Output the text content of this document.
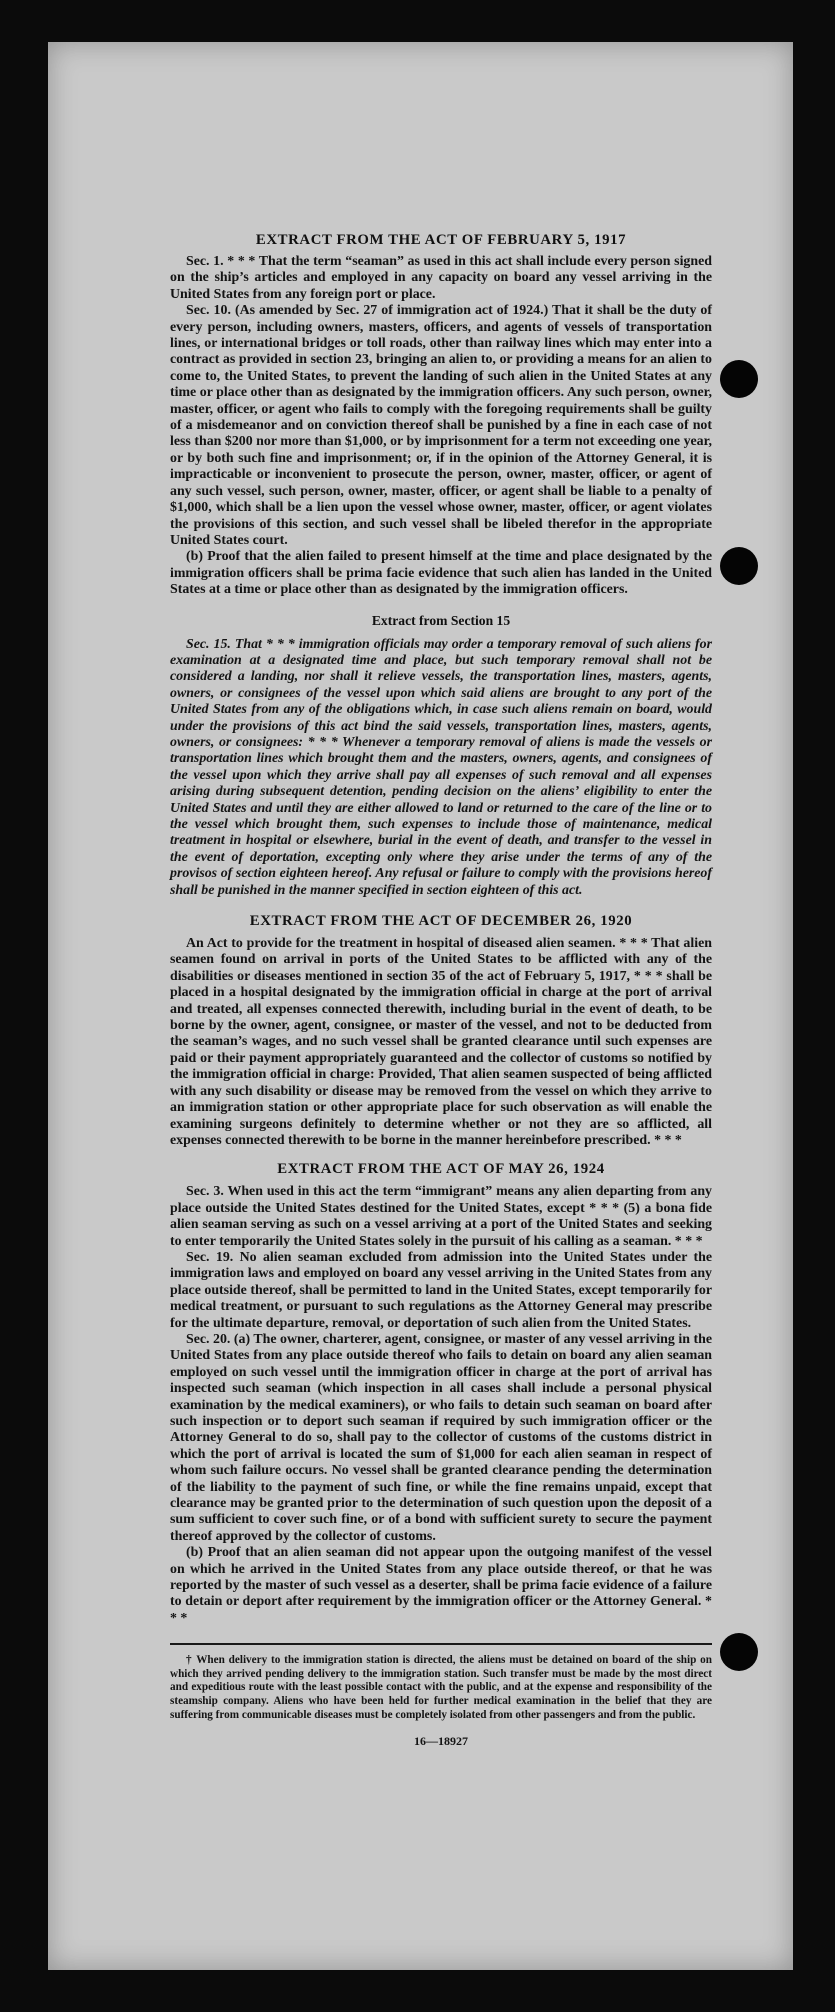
EXTRACT FROM THE ACT OF FEBRUARY 5, 1917

Sec. 1. * * * That the term “seaman” as used in this act shall include every person signed on the ship’s articles and employed in any capacity on board any vessel arriving in the United States from any foreign port or place.

Sec. 10. (As amended by Sec. 27 of immigration act of 1924.) That it shall be the duty of every person, including owners, masters, officers, and agents of vessels of transportation lines, or international bridges or toll roads, other than railway lines which may enter into a contract as provided in section 23, bringing an alien to, or providing a means for an alien to come to, the United States, to prevent the landing of such alien in the United States at any time or place other than as designated by the immigration officers. Any such person, owner, master, officer, or agent who fails to comply with the foregoing requirements shall be guilty of a misdemeanor and on conviction thereof shall be punished by a fine in each case of not less than $200 nor more than $1,000, or by imprisonment for a term not exceeding one year, or by both such fine and imprisonment; or, if in the opinion of the Attorney General, it is impracticable or inconvenient to prosecute the person, owner, master, officer, or agent of any such vessel, such person, owner, master, officer, or agent shall be liable to a penalty of $1,000, which shall be a lien upon the vessel whose owner, master, officer, or agent violates the provisions of this section, and such vessel shall be libeled therefor in the appropriate United States court.

(b) Proof that the alien failed to present himself at the time and place designated by the immigration officers shall be prima facie evidence that such alien has landed in the United States at a time or place other than as designated by the immigration officers.

Extract from Section 15

Sec. 15. That * * * immigration officials may order a temporary removal of such aliens for examination at a designated time and place, but such temporary removal shall not be considered a landing, nor shall it relieve vessels, the transportation lines, masters, agents, owners, or consignees of the vessel upon which said aliens are brought to any port of the United States from any of the obligations which, in case such aliens remain on board, would under the provisions of this act bind the said vessels, transportation lines, masters, agents, owners, or consignees: * * * Whenever a temporary removal of aliens is made the vessels or transportation lines which brought them and the masters, owners, agents, and consignees of the vessel upon which they arrive shall pay all expenses of such removal and all expenses arising during subsequent detention, pending decision on the aliens’ eligibility to enter the United States and until they are either allowed to land or returned to the care of the line or to the vessel which brought them, such expenses to include those of maintenance, medical treatment in hospital or elsewhere, burial in the event of death, and transfer to the vessel in the event of deportation, excepting only where they arise under the terms of any of the provisos of section eighteen hereof. Any refusal or failure to comply with the provisions hereof shall be punished in the manner specified in section eighteen of this act.

EXTRACT FROM THE ACT OF DECEMBER 26, 1920

An Act to provide for the treatment in hospital of diseased alien seamen. * * * That alien seamen found on arrival in ports of the United States to be afflicted with any of the disabilities or diseases mentioned in section 35 of the act of February 5, 1917, * * * shall be placed in a hospital designated by the immigration official in charge at the port of arrival and treated, all expenses connected therewith, including burial in the event of death, to be borne by the owner, agent, consignee, or master of the vessel, and not to be deducted from the seaman’s wages, and no such vessel shall be granted clearance until such expenses are paid or their payment appropriately guaranteed and the collector of customs so notified by the immigration official in charge: Provided, That alien seamen suspected of being afflicted with any such disability or disease may be removed from the vessel on which they arrive to an immigration station or other appropriate place for such observation as will enable the examining surgeons definitely to determine whether or not they are so afflicted, all expenses connected therewith to be borne in the manner hereinbefore prescribed. * * *

EXTRACT FROM THE ACT OF MAY 26, 1924

Sec. 3. When used in this act the term “immigrant” means any alien departing from any place outside the United States destined for the United States, except * * * (5) a bona fide alien seaman serving as such on a vessel arriving at a port of the United States and seeking to enter temporarily the United States solely in the pursuit of his calling as a seaman. * * *

Sec. 19. No alien seaman excluded from admission into the United States under the immigration laws and employed on board any vessel arriving in the United States from any place outside thereof, shall be permitted to land in the United States, except temporarily for medical treatment, or pursuant to such regulations as the Attorney General may prescribe for the ultimate departure, removal, or deportation of such alien from the United States.

Sec. 20. (a) The owner, charterer, agent, consignee, or master of any vessel arriving in the United States from any place outside thereof who fails to detain on board any alien seaman employed on such vessel until the immigration officer in charge at the port of arrival has inspected such seaman (which inspection in all cases shall include a personal physical examination by the medical examiners), or who fails to detain such seaman on board after such inspection or to deport such seaman if required by such immigration officer or the Attorney General to do so, shall pay to the collector of customs of the customs district in which the port of arrival is located the sum of $1,000 for each alien seaman in respect of whom such failure occurs. No vessel shall be granted clearance pending the determination of the liability to the payment of such fine, or while the fine remains unpaid, except that clearance may be granted prior to the determination of such question upon the deposit of a sum sufficient to cover such fine, or of a bond with sufficient surety to secure the payment thereof approved by the collector of customs.

(b) Proof that an alien seaman did not appear upon the outgoing manifest of the vessel on which he arrived in the United States from any place outside thereof, or that he was reported by the master of such vessel as a deserter, shall be prima facie evidence of a failure to detain or deport after requirement by the immigration officer or the Attorney General. * * *

† When delivery to the immigration station is directed, the aliens must be detained on board of the ship on which they arrived pending delivery to the immigration station. Such transfer must be made by the most direct and expeditious route with the least possible contact with the public, and at the expense and responsibility of the steamship company. Aliens who have been held for further medical examination in the belief that they are suffering from communicable diseases must be completely isolated from other passengers and from the public.

16—18927
